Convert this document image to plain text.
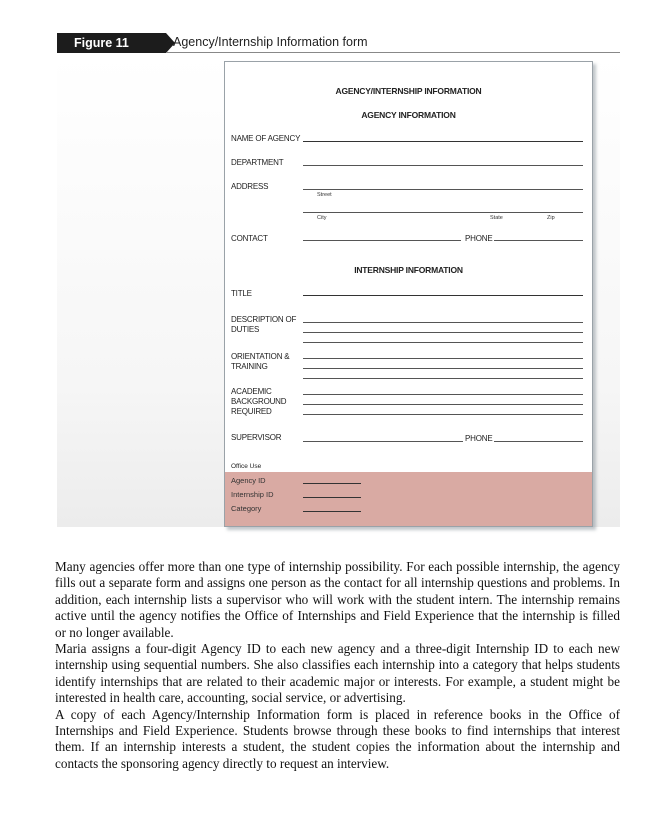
Figure 11	Agency/Internship Information form
AGENCY/INTERNSHIP INFORMATION
AGENCY INFORMATION
NAME OF AGENCY
DEPARTMENT
ADDRESS
Street
City	State	Zip
CONTACT	PHONE
INTERNSHIP INFORMATION
TITLE
DESCRIPTION OF DUTIES
ORIENTATION & TRAINING
ACADEMIC BACKGROUND REQUIRED
SUPERVISOR	PHONE
Office Use
Agency ID
Internship ID
Category

Many agencies offer more than one type of internship possibility. For each possible internship, the agency fills out a separate form and assigns one person as the contact for all internship questions and problems. In addition, each internship lists a supervisor who will work with the student intern. The internship remains active until the agency notifies the Office of Internships and Field Experience that the internship is filled or no longer available.

Maria assigns a four-digit Agency ID to each new agency and a three-digit Internship ID to each new internship using sequential numbers. She also classifies each internship into a category that helps students identify internships that are related to their academic major or interests. For example, a student might be interested in health care, accounting, social service, or advertising.

A copy of each Agency/Internship Information form is placed in reference books in the Office of Internships and Field Experience. Students browse through these books to find internships that interest them. If an internship interests a student, the student copies the information about the internship and contacts the sponsoring agency directly to request an interview.
